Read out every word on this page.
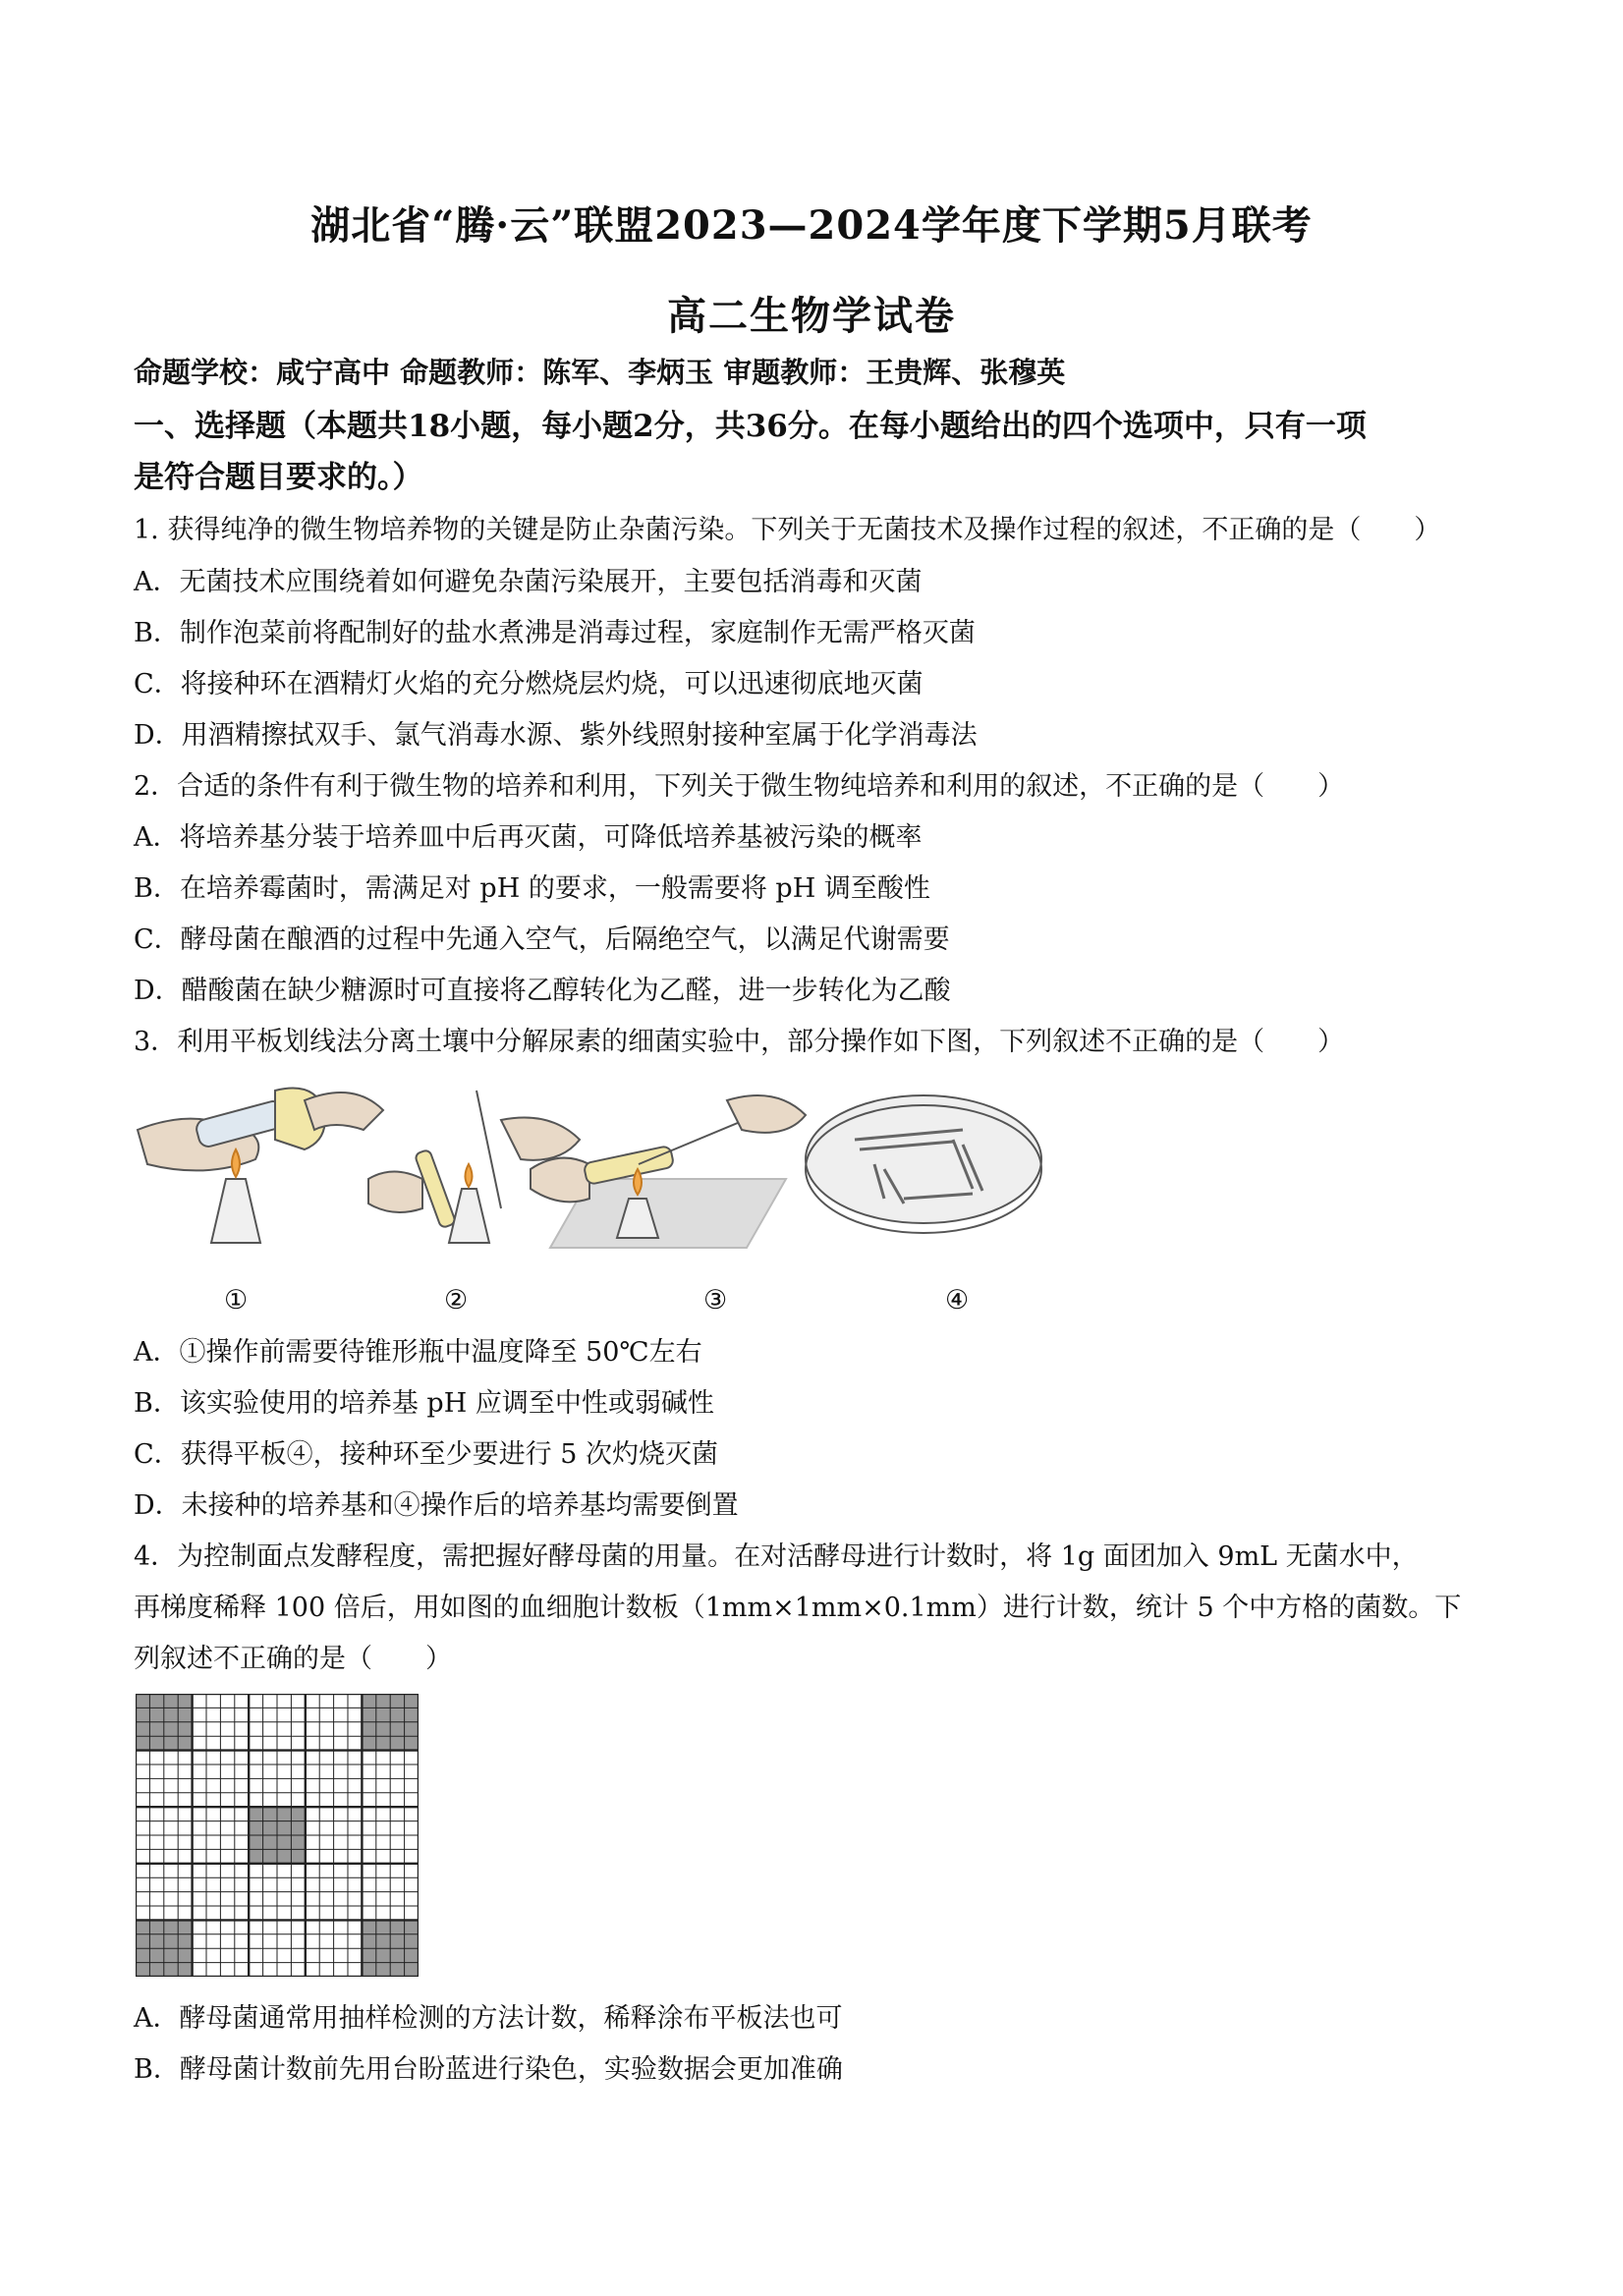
湖北省“腾·云”联盟2023—2024学年度下学期5月联考
高二生物学试卷
命题学校：咸宁高中 命题教师：陈军、李炳玉 审题教师：王贵辉、张穆英
一、选择题（本题共18小题，每小题2分，共36分。在每小题给出的四个选项中，只有一项
是符合题目要求的。）
1. 获得纯净的微生物培养物的关键是防止杂菌污染。下列关于无菌技术及操作过程的叙述，不正确的是（　　）
A．无菌技术应围绕着如何避免杂菌污染展开，主要包括消毒和灭菌
B．制作泡菜前将配制好的盐水煮沸是消毒过程，家庭制作无需严格灭菌
C．将接种环在酒精灯火焰的充分燃烧层灼烧，可以迅速彻底地灭菌
D．用酒精擦拭双手、氯气消毒水源、紫外线照射接种室属于化学消毒法
2．合适的条件有利于微生物的培养和利用，下列关于微生物纯培养和利用的叙述，不正确的是（　　）
A．将培养基分装于培养皿中后再灭菌，可降低培养基被污染的概率
B．在培养霉菌时，需满足对 pH 的要求，一般需要将 pH 调至酸性
C．酵母菌在酿酒的过程中先通入空气，后隔绝空气，以满足代谢需要
D．醋酸菌在缺少糖源时可直接将乙醇转化为乙醛，进一步转化为乙酸
3．利用平板划线法分离土壤中分解尿素的细菌实验中，部分操作如下图，下列叙述不正确的是（　　）
①	②	③	④
A．①操作前需要待锥形瓶中温度降至 50℃左右
B．该实验使用的培养基 pH 应调至中性或弱碱性
C．获得平板④，接种环至少要进行 5 次灼烧灭菌
D．未接种的培养基和④操作后的培养基均需要倒置
4．为控制面点发酵程度，需把握好酵母菌的用量。在对活酵母进行计数时，将 1g 面团加入 9mL 无菌水中，
再梯度稀释 100 倍后，用如图的血细胞计数板（1mm×1mm×0.1mm）进行计数，统计 5 个中方格的菌数。下
列叙述不正确的是（　　）
A．酵母菌通常用抽样检测的方法计数，稀释涂布平板法也可
B．酵母菌计数前先用台盼蓝进行染色，实验数据会更加准确
